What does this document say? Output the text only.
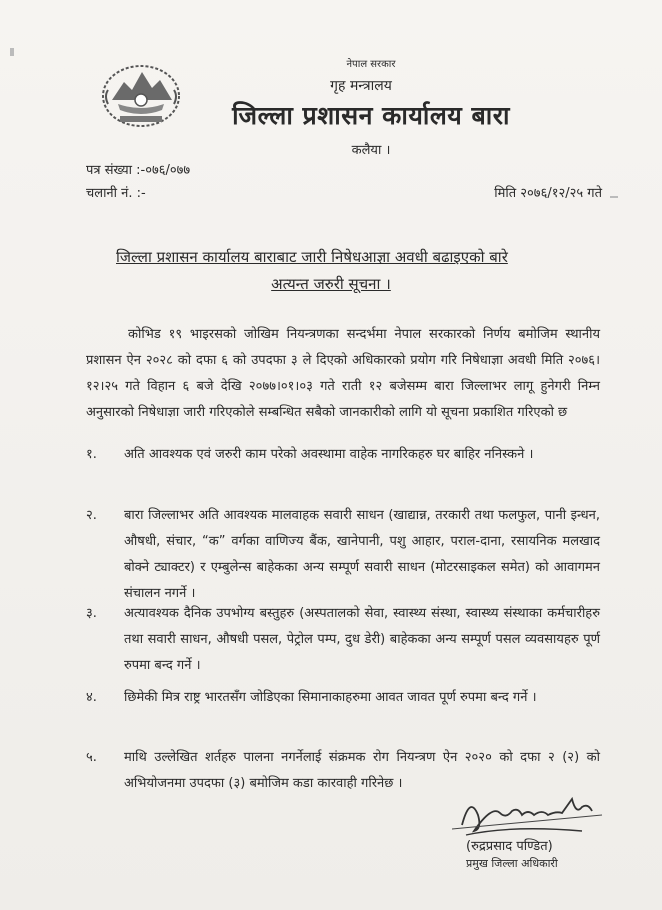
नेपाल सरकार
गृह मन्त्रालय
जिल्ला प्रशासन कार्यालय बारा
कलैया ।
पत्र संख्या :-०७६/०७७
चलानी नं. :-	मिति २०७६/१२/२५ गते
जिल्ला प्रशासन कार्यालय बाराबाट जारी निषेधआज्ञा अवधी बढाइएको बारे
अत्यन्त जरुरी सूचना ।
कोभिड १९ भाइरसको जोखिम नियन्त्रणका सन्दर्भमा नेपाल सरकारको निर्णय बमोजिम स्थानीय प्रशासन ऐन २०२८ को दफा ६ को उपदफा ३ ले दिएको अधिकारको प्रयोग गरि निषेधाज्ञा अवधी मिति २०७६।१२।२५ गते विहान ६ बजे देखि २०७७।०१।०३ गते राती १२ बजेसम्म बारा जिल्लाभर लागू हुनेगरी निम्न अनुसारको निषेधाज्ञा जारी गरिएकोले सम्बन्धित सबैको जानकारीको लागि यो सूचना प्रकाशित गरिएको छ
१.	अति आवश्यक एवं जरुरी काम परेको अवस्थामा वाहेक नागरिकहरु घर बाहिर ननिस्कने ।
२.	बारा जिल्लाभर अति आवश्यक मालवाहक सवारी साधन (खाद्यान्न, तरकारी तथा फलफुल, पानी इन्धन, औषधी, संचार, “क” वर्गका वाणिज्य बैंक, खानेपानी, पशु आहार, पराल-दाना, रसायनिक मलखाद बोक्ने ट्याक्टर) र एम्बुलेन्स बाहेकका अन्य सम्पूर्ण सवारी साधन (मोटरसाइकल समेत) को आवागमन संचालन नगर्ने ।
३.	अत्यावश्यक दैनिक उपभोग्य बस्तुहरु (अस्पतालको सेवा, स्वास्थ्य संस्था, स्वास्थ्य संस्थाका कर्मचारीहरु तथा सवारी साधन, औषधी पसल, पेट्रोल पम्प, दुध डेरी) बाहेकका अन्य सम्पूर्ण पसल व्यवसायहरु पूर्ण रुपमा बन्द गर्ने ।
४.	छिमेकी मित्र राष्ट्र भारतसँग जोडिएका सिमानाकाहरुमा आवत जावत पूर्ण रुपमा बन्द गर्ने ।
५.	माथि उल्लेखित शर्तहरु पालना नगर्नेलाई संक्रमक रोग नियन्त्रण ऐन २०२० को दफा २ (२) को अभियोजनमा उपदफा (३) बमोजिम कडा कारवाही गरिनेछ ।
(रुद्रप्रसाद पण्डित)
प्रमुख जिल्ला अधिकारी
